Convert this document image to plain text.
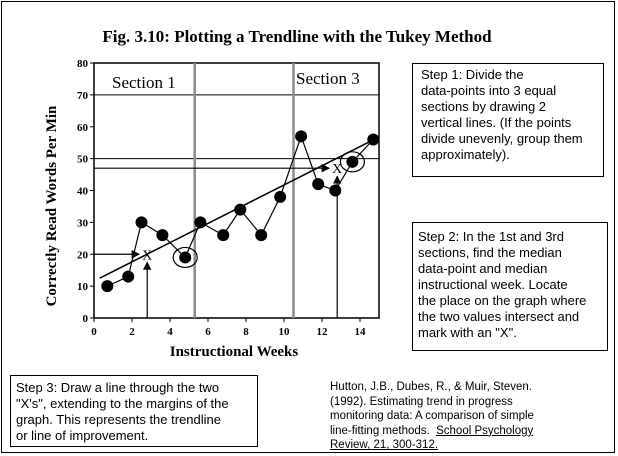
Fig. 3.10: Plotting a Trendline with the Tukey Method
Section 1	Section 3
0
10
20
30
40
50
60
70
80
0	2	4	6	8	10 12 14
Instructional Weeks
Correctly Read Words Per Min	X
X
Step 1: Divide the
data-points into 3 equal
sections by drawing 2
vertical lines. (If the points
divide unevenly, group them
approximately).
Step 2: In the 1st and 3rd
sections, find the median
data-point and median
instructional week. Locate
the place on the graph where
the two values intersect and
mark with an "X".
Step 3: Draw a line through the two
"X's", extending to the margins of the
graph. This represents the trendline
or line of improvement.
Hutton, J.B., Dubes, R., & Muir, Steven.
(1992). Estimating trend in progress
monitoring data: A comparison of simple
line-fitting methods. School Psychology
Review, 21, 300-312.
